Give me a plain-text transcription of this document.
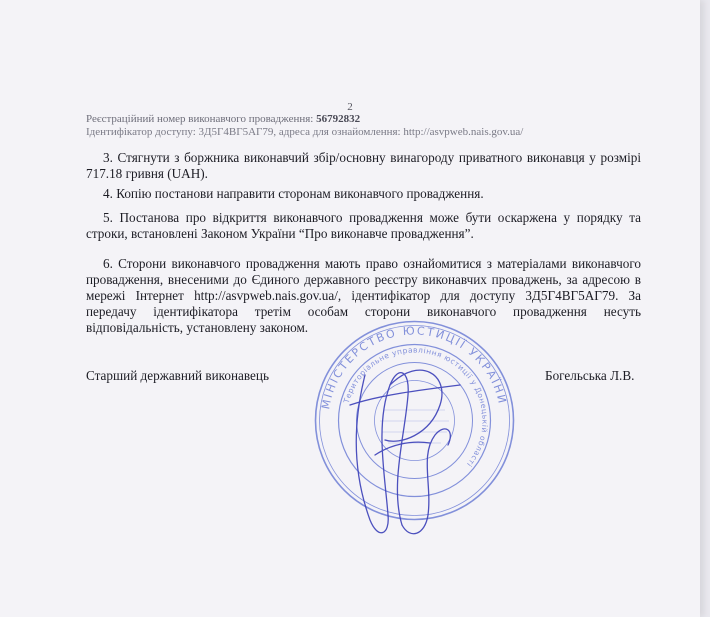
2
Реєстраційний номер виконавчого провадження: 56792832
Ідентифікатор доступу: 3Д5Г4ВГ5АГ79, адреса для ознайомлення: http://asvpweb.nais.gov.ua/
3. Стягнути з боржника виконавчий збір/основну винагороду приватного виконавця у розмірі 717.18 гривня (UAH).
4. Копію постанови направити сторонам виконавчого провадження.
5. Постанова про відкриття виконавчого провадження може бути оскаржена у порядку та строки, встановлені Законом України “Про виконавче провадження”.
6. Сторони виконавчого провадження мають право ознайомитися з матеріалами виконавчого провадження, внесеними до Єдиного державного реєстру виконавчих проваджень, за адресою в мережі Інтернет http://asvpweb.nais.gov.ua/, ідентифікатор для доступу 3Д5Г4ВГ5АГ79. За передачу ідентифікатора третім особам сторони виконавчого провадження несуть відповідальність, установлену законом.
Старший державний виконавець	Богельська Л.В.
МІНІСТЕРСТВО ЮСТИЦІЇ УКРАЇНИ
Територіальне управління юстиції у Донецькій області
